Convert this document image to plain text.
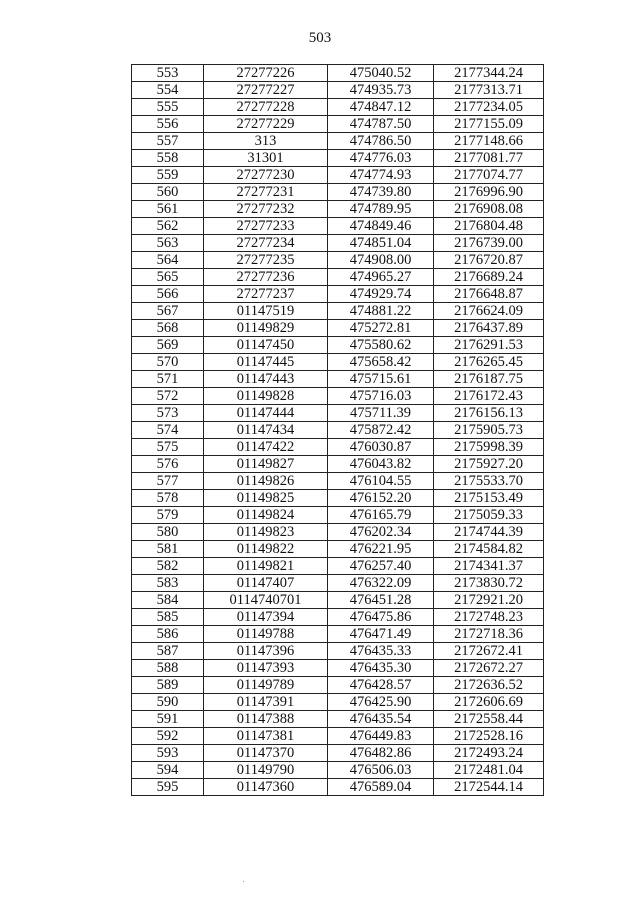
503
553	27277226	475040.52	2177344.24
554	27277227	474935.73	2177313.71
555	27277228	474847.12	2177234.05
556	27277229	474787.50	2177155.09
557	313	474786.50	2177148.66
558	31301	474776.03	2177081.77
559	27277230	474774.93	2177074.77
560	27277231	474739.80	2176996.90
561	27277232	474789.95	2176908.08
562	27277233	474849.46	2176804.48
563	27277234	474851.04	2176739.00
564	27277235	474908.00	2176720.87
565	27277236	474965.27	2176689.24
566	27277237	474929.74	2176648.87
567	01147519	474881.22	2176624.09
568	01149829	475272.81	2176437.89
569	01147450	475580.62	2176291.53
570	01147445	475658.42	2176265.45
571	01147443	475715.61	2176187.75
572	01149828	475716.03	2176172.43
573	01147444	475711.39	2176156.13
574	01147434	475872.42	2175905.73
575	01147422	476030.87	2175998.39
576	01149827	476043.82	2175927.20
577	01149826	476104.55	2175533.70
578	01149825	476152.20	2175153.49
579	01149824	476165.79	2175059.33
580	01149823	476202.34	2174744.39
581	01149822	476221.95	2174584.82
582	01149821	476257.40	2174341.37
583	01147407	476322.09	2173830.72
584	0114740701	476451.28	2172921.20
585	01147394	476475.86	2172748.23
586	01149788	476471.49	2172718.36
587	01147396	476435.33	2172672.41
588	01147393	476435.30	2172672.27
589	01149789	476428.57	2172636.52
590	01147391	476425.90	2172606.69
591	01147388	476435.54	2172558.44
592	01147381	476449.83	2172528.16
593	01147370	476482.86	2172493.24
594	01149790	476506.03	2172481.04
595	01147360	476589.04	2172544.14
